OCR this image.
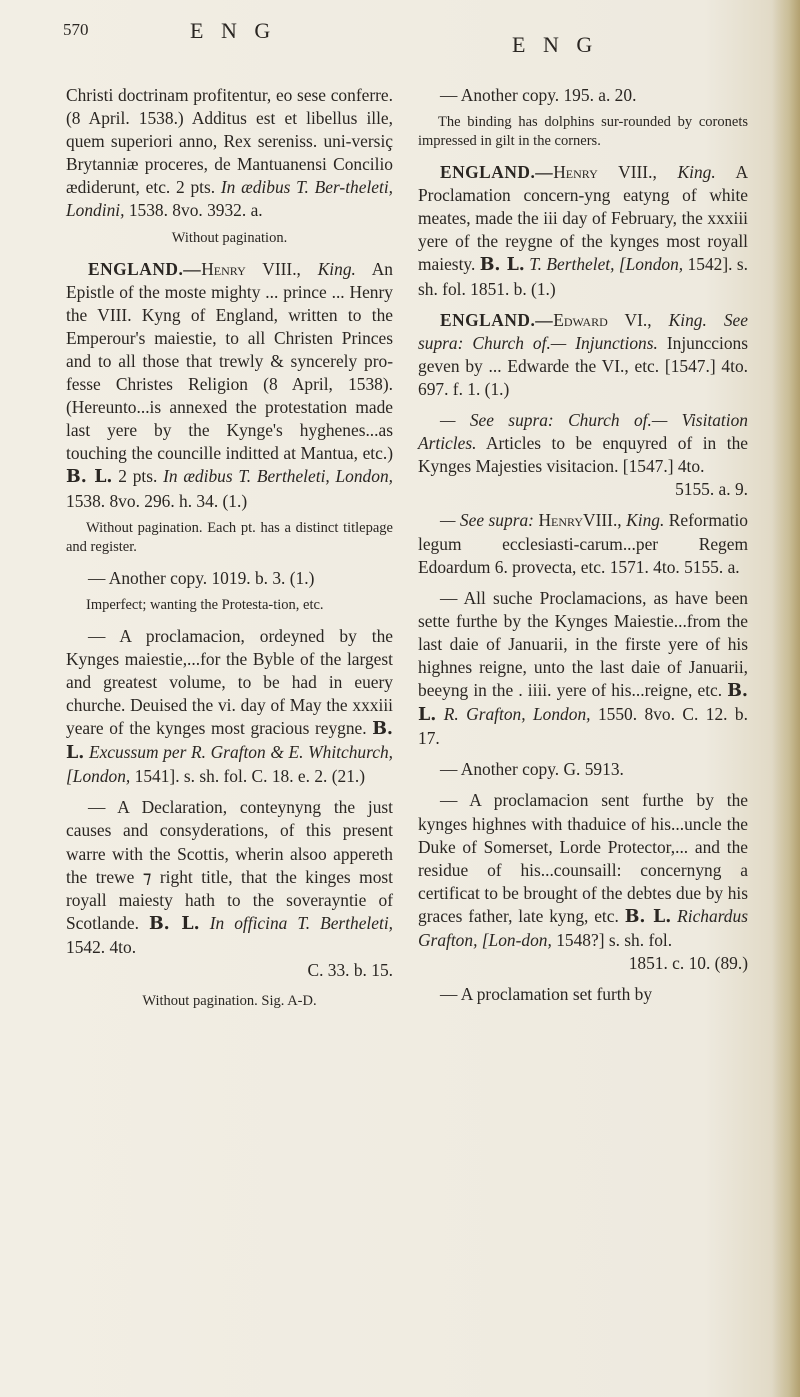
570	E N G
E N G

Christi doctrinam profitentur, eo sese conferre. (8 April. 1538.) Additus est et libellus ille, quem superiori anno, Rex sereniss. uni-versiç Brytanniæ proceres, de Mantuanensi Concilio ædiderunt, etc. 2 pts. In ædibus T. Ber-theleti, Londini, 1538. 8vo. 3932. a.

Without pagination.

ENGLAND.—Henry VIII., King. An Epistle of the moste mighty ... prince ... Henry the VIII. Kyng of England, written to the Emperour's maiestie, to all Christen Princes and to all those that trewly & syncerely pro-fesse Christes Religion (8 April, 1538). (Hereunto...is annexed the protestation made last yere by the Kynge's hyghenes...as touching the councille inditted at Mantua, etc.) B. L. 2 pts. In ædibus T. Bertheleti, London, 1538. 8vo. 296. h. 34. (1.)

Without pagination. Each pt. has a distinct titlepage and register.

— Another copy. 1019. b. 3. (1.)

Imperfect; wanting the Protesta-tion, etc.

— A proclamacion, ordeyned by the Kynges maiestie,...for the Byble of the largest and greatest volume, to be had in euery churche. Deuised the vi. day of May the xxxiii yeare of the kynges most gracious reygne. B. L. Excussum per R. Grafton & E. Whitchurch, [London, 1541]. s. sh. fol. C. 18. e. 2. (21.)

— A Declaration, conteynyng the just causes and consyderations, of this present warre with the Scottis, wherin alsoo appereth the trewe ⁊ right title, that the kinges most royall maiesty hath to the soverayntie of Scotlande. B. L. In officina T. Bertheleti, 1542. 4to.
C. 33. b. 15.

Without pagination. Sig. A-D.

— Another copy. 195. a. 20.

The binding has dolphins sur-rounded by coronets impressed in gilt in the corners.

ENGLAND.—Henry VIII., King. A Proclamation concern-yng eatyng of white meates, made the iii day of February, the xxxiii yere of the reygne of the kynges most royall maiesty. B. L. T. Berthelet, [London, 1542]. s. sh. fol. 1851. b. (1.)

ENGLAND.—Edward VI., King. See supra: Church of.— Injunctions. Injunccions geven by ... Edwarde the VI., etc. [1547.] 4to. 697. f. 1. (1.)

— See supra: Church of.— Visitation Articles. Articles to be enquyred of in the Kynges Majesties visitacion. [1547.] 4to.
5155. a. 9.

— See supra: HenryVIII., King. Reformatio legum ecclesiasti-carum...per Regem Edoardum 6. provecta, etc. 1571. 4to. 5155. a.

— All suche Proclamacions, as have been sette furthe by the Kynges Maiestie...from the last daie of Januarii, in the firste yere of his highnes reigne, unto the last daie of Januarii, beeyng in the . iiii. yere of his...reigne, etc. B. L. R. Grafton, London, 1550. 8vo. C. 12. b. 17.

— Another copy. G. 5913.

— A proclamacion sent furthe by the kynges highnes with thaduice of his...uncle the Duke of Somerset, Lorde Protector,... and the residue of his...counsaill: concernyng a certificat to be brought of the debtes due by his graces father, late kyng, etc. B. L. Richardus Grafton, [Lon-don, 1548?] s. sh. fol.
1851. c. 10. (89.)

— A proclamation set furth by
